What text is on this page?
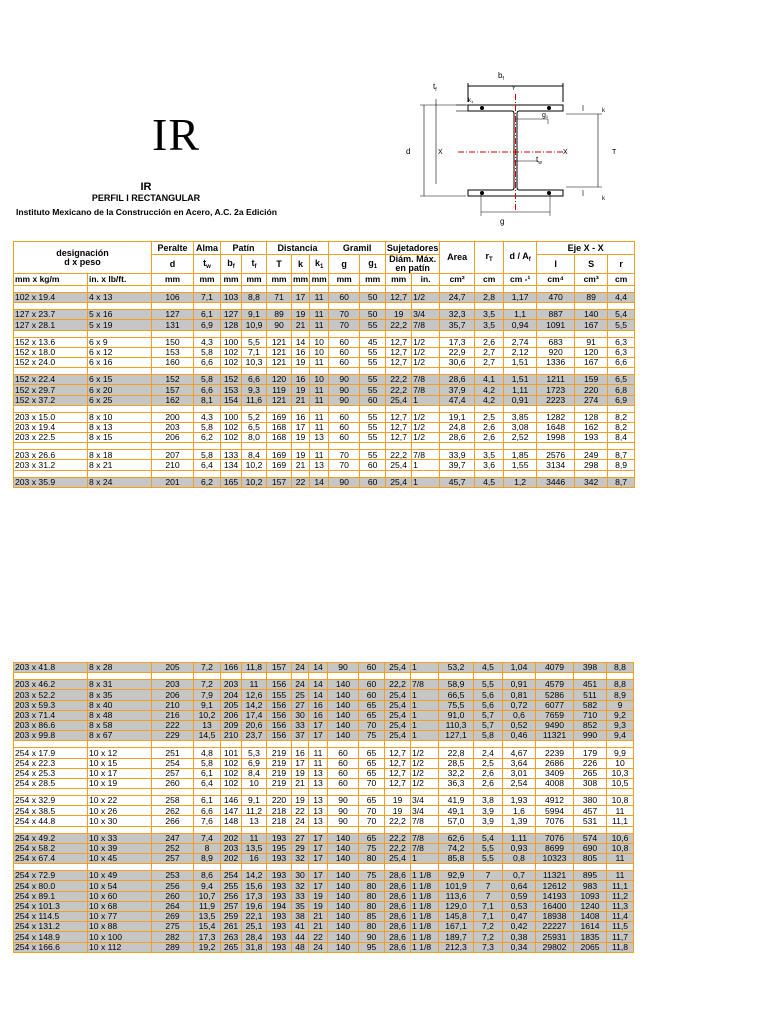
IR
IR
PERFIL I RECTANGULAR
Instituto Mexicano de la Construcción en Acero, A.C. 2a Edición
$b_f$
$t_f$
k1
g1
k
d	X	X	T
$t_w$
k
g
Y
designación
d x peso		Peralte	Alma	Patín		Distancia			Gramil		Sujetadores		Area	$r_T$	d / $A_f$	Eje X - X		
		d	$t_w$	$b_f$	$t_f$	T	k	$k_1$	g	$g_1$	Diám. Máx.
en patín					I	S	r
mm x kg/m	in. x lb/ft.	mm	mm	mm	mm	mm	mm	mm	mm	mm	mm	in.	cm²	cm	cm -¹	cm⁴	cm³	cm

102 x 19.4	4 x 13	106	7,1	103	8,8	71	17	11	60	50	12,7	1/2	24,7	2,8	1,17	470	89	4,4

127 x 23.7	5 x 16	127	6,1	127	9,1	89	19	11	70	50	19	3/4	32,3	3,5	1,1	887	140	5,4
127 x 28.1	5 x 19	131	6,9	128	10,9	90	21	11	70	55	22,2	7/8	35,7	3,5	0,94	1091	167	5,5

152 x 13.6	6 x 9	150	4,3	100	5,5	121	14	10	60	45	12,7	1/2	17,3	2,6	2,74	683	91	6,3
152 x 18.0	6 x 12	153	5,8	102	7,1	121	16	10	60	55	12,7	1/2	22,9	2,7	2,12	920	120	6,3
152 x 24.0	6 x 16	160	6,6	102	10,3	121	19	11	60	55	12,7	1/2	30,6	2,7	1,51	1336	167	6,6

152 x 22.4	6 x 15	152	5,8	152	6,6	120	16	10	90	55	22,2	7/8	28,6	4,1	1,51	1211	159	6,5
152 x 29.7	6 x 20	157	6,6	153	9,3	119	19	11	90	55	22,2	7/8	37,9	4,2	1,11	1723	220	6,8
152 x 37.2	6 x 25	162	8,1	154	11,6	121	21	11	90	60	25,4	1	47,4	4,2	0,91	2223	274	6,9

203 x 15.0	8 x 10	200	4,3	100	5,2	169	16	11	60	55	12,7	1/2	19,1	2,5	3,85	1282	128	8,2
203 x 19.4	8 x 13	203	5,8	102	6,5	168	17	11	60	55	12,7	1/2	24,8	2,6	3,08	1648	162	8,2
203 x 22.5	8 x 15	206	6,2	102	8,0	168	19	13	60	55	12,7	1/2	28,6	2,6	2,52	1998	193	8,4

203 x 26.6	8 x 18	207	5,8	133	8,4	169	19	11	70	55	22,2	7/8	33,9	3,5	1,85	2576	249	8,7
203 x 31.2	8 x 21	210	6,4	134	10,2	169	21	13	70	60	25,4	1	39,7	3,6	1,55	3134	298	8,9

203 x 35.9	8 x 24	201	6,2	165	10,2	157	22	14	90	60	25,4	1	45,7	4,5	1,2	3446	342	8,7
203 x 41.8	8 x 28	205	7,2	166	11,8	157	24	14	90	60	25,4	1	53,2	4,5	1,04	4079	398	8,8

203 x 46.2	8 x 31	203	7,2	203	11	156	24	14	140	60	22,2	7/8	58,9	5,5	0,91	4579	451	8,8
203 x 52.2	8 x 35	206	7,9	204	12,6	155	25	14	140	60	25,4	1	66,5	5,6	0,81	5286	511	8,9
203 x 59.3	8 x 40	210	9,1	205	14,2	156	27	16	140	65	25,4	1	75,5	5,6	0,72	6077	582	9
203 x 71.4	8 x 48	216	10,2	206	17,4	156	30	16	140	65	25,4	1	91,0	5,7	0,6	7659	710	9,2
203 x 86.6	8 x 58	222	13	209	20,6	156	33	17	140	70	25,4	1	110,3	5,7	0,52	9490	852	9,3
203 x 99.8	8 x 67	229	14,5	210	23,7	156	37	17	140	75	25,4	1	127,1	5,8	0,46	11321	990	9,4

254 x 17.9	10 x 12	251	4,8	101	5,3	219	16	11	60	65	12,7	1/2	22,8	2,4	4,67	2239	179	9,9
254 x 22.3	10 x 15	254	5,8	102	6,9	219	17	11	60	65	12,7	1/2	28,5	2,5	3,64	2686	226	10
254 x 25.3	10 x 17	257	6,1	102	8,4	219	19	13	60	65	12,7	1/2	32,2	2,6	3,01	3409	265	10,3
254 x 28.5	10 x 19	260	6,4	102	10	219	21	13	60	70	12,7	1/2	36,3	2,6	2,54	4008	308	10,5

254 x 32.9	10 x 22	258	6,1	146	9,1	220	19	13	90	65	19	3/4	41,9	3,8	1,93	4912	380	10,8
254 x 38.5	10 x 26	262	6,6	147	11,2	218	22	13	90	70	19	3/4	49,1	3,9	1,6	5994	457	11
254 x 44.8	10 x 30	266	7,6	148	13	218	24	13	90	70	22,2	7/8	57,0	3,9	1,39	7076	531	11,1

254 x 49.2	10 x 33	247	7,4	202	11	193	27	17	140	65	22,2	7/8	62,6	5,4	1,11	7076	574	10,6
254 x 58.2	10 x 39	252	8	203	13,5	195	29	17	140	75	22,2	7/8	74,2	5,5	0,93	8699	690	10,8
254 x 67.4	10 x 45	257	8,9	202	16	193	32	17	140	80	25,4	1	85,8	5,5	0,8	10323	805	11

254 x 72.9	10 x 49	253	8,6	254	14,2	193	30	17	140	75	28,6	1 1/8	92,9	7	0,7	11321	895	11
254 x 80.0	10 x 54	256	9,4	255	15,6	193	32	17	140	80	28,6	1 1/8	101,9	7	0,64	12612	983	11,1
254 x 89.1	10 x 60	260	10,7	256	17,3	193	33	19	140	80	28,6	1 1/8	113,6	7	0,59	14193	1093	11,2
254 x 101.3	10 x 68	264	11,9	257	19,6	194	35	19	140	80	28,6	1 1/8	129,0	7,1	0,53	16400	1240	11,3
254 x 114.5	10 x 77	269	13,5	259	22,1	193	38	21	140	85	28,6	1 1/8	145,8	7,1	0,47	18938	1408	11,4
254 x 131.2	10 x 88	275	15,4	261	25,1	193	41	21	140	80	28,6	1 1/8	167,1	7,2	0,42	22227	1614	11,5
254 x 148.9	10 x 100	282	17,3	263	28,4	193	44	22	140	90	28,6	1 1/8	189,7	7,2	0,38	25931	1835	11,7
254 x 166.6	10 x 112	289	19,2	265	31,8	193	48	24	140	95	28,6	1 1/8	212,3	7,3	0,34	29802	2065	11,8
